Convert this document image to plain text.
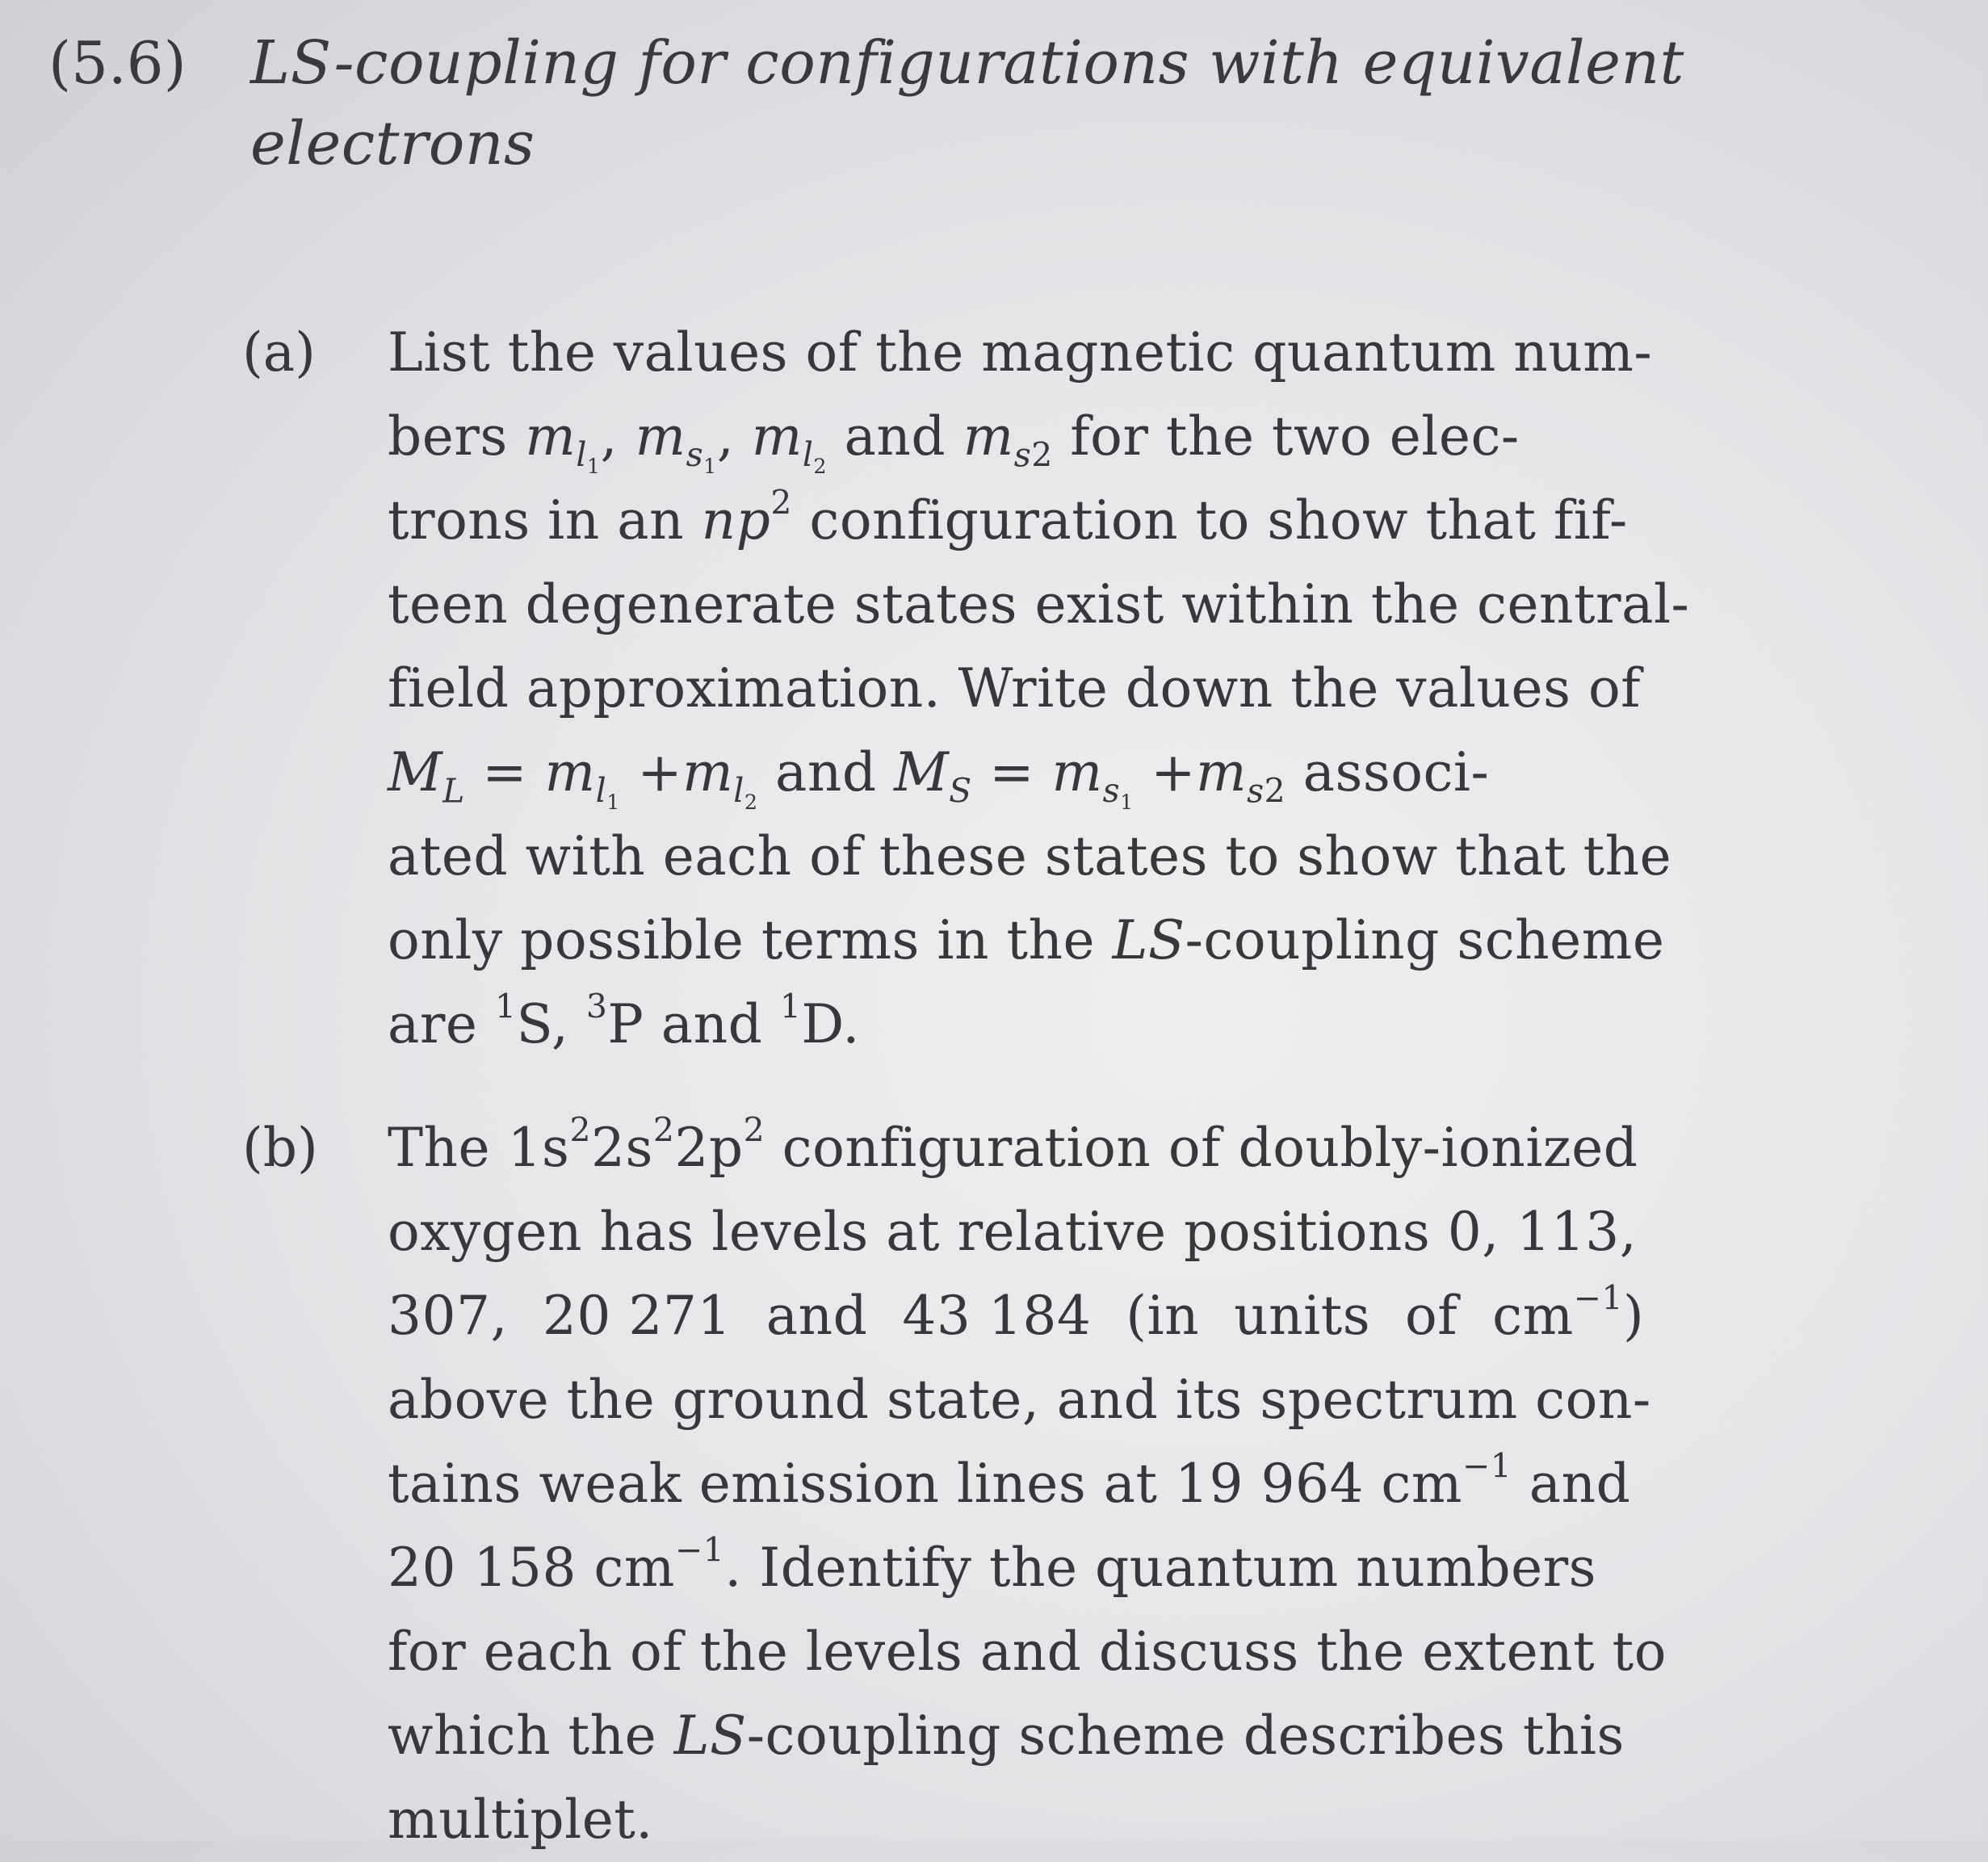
(5.6) LS-coupling for configurations with equivalent
electrons
(a) List the values of the magnetic quantum num-
bers $m_{l_1}$, $m_{s_1}$, $m_{l_2}$ and $m_{s2}$ for the two elec-
trons in an $np^2$ configuration to show that fif-
teen degenerate states exist within the central-
field approximation. Write down the values of
$M_L = m_{l_1} +m_{l_2}$ and $M_S = m_{s_1} +m_{s2}$ associ-
ated with each of these states to show that the
only possible terms in the LS-coupling scheme
are $^1$S, $^3$P and $^1$D.
(b) The $1s^22s^22p^2$ configuration of doubly-ionized
oxygen has levels at relative positions 0, 113,
307,  20 271  and  43 184  (in  units  of  $cm^{-1}$)
above the ground state, and its spectrum con-
tains weak emission lines at 19 964 $cm^{-1}$ and
20 158 $cm^{-1}$. Identify the quantum numbers
for each of the levels and discuss the extent to
which the LS-coupling scheme describes this
multiplet.
